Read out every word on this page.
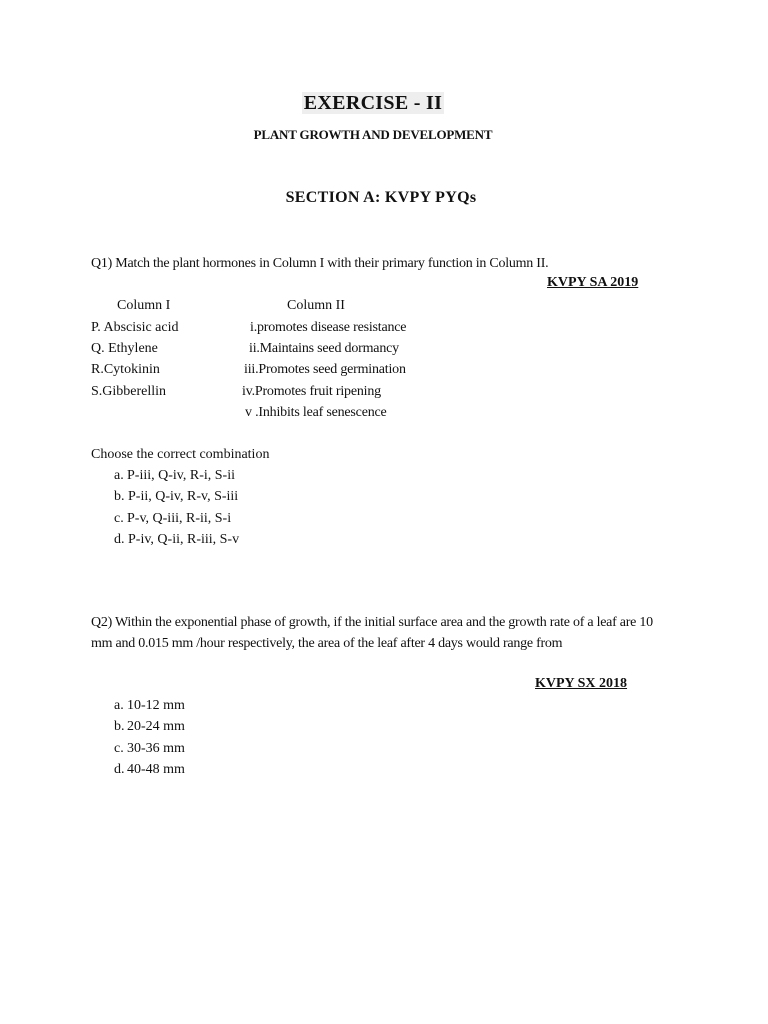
EXERCISE - II
PLANT GROWTH AND DEVELOPMENT
SECTION A: KVPY PYQs
Q1) Match the plant hormones in Column I with their primary function in Column II.
KVPY SA 2019
Column I	Column II
P. Abscisic acid
Q. Ethylene
R.Cytokinin
S.Gibberellin
i.promotes disease resistance
ii.Maintains seed dormancy
iii.Promotes seed germination
iv.Promotes fruit ripening
v .Inhibits leaf senescence
Choose the correct combination
a. P-iii, Q-iv, R-i, S-ii
b. P-ii, Q-iv, R-v, S-iii
c. P-v, Q-iii, R-ii, S-i
d. P-iv, Q-ii, R-iii, S-v
Q2) Within the exponential phase of growth, if the initial surface area and the growth rate of a leaf are 10 mm and 0.015 mm /hour respectively, the area of the leaf after 4 days would range from
KVPY SX 2018
a. 10-12 mm
b. 20-24 mm
c. 30-36 mm
d. 40-48 mm
